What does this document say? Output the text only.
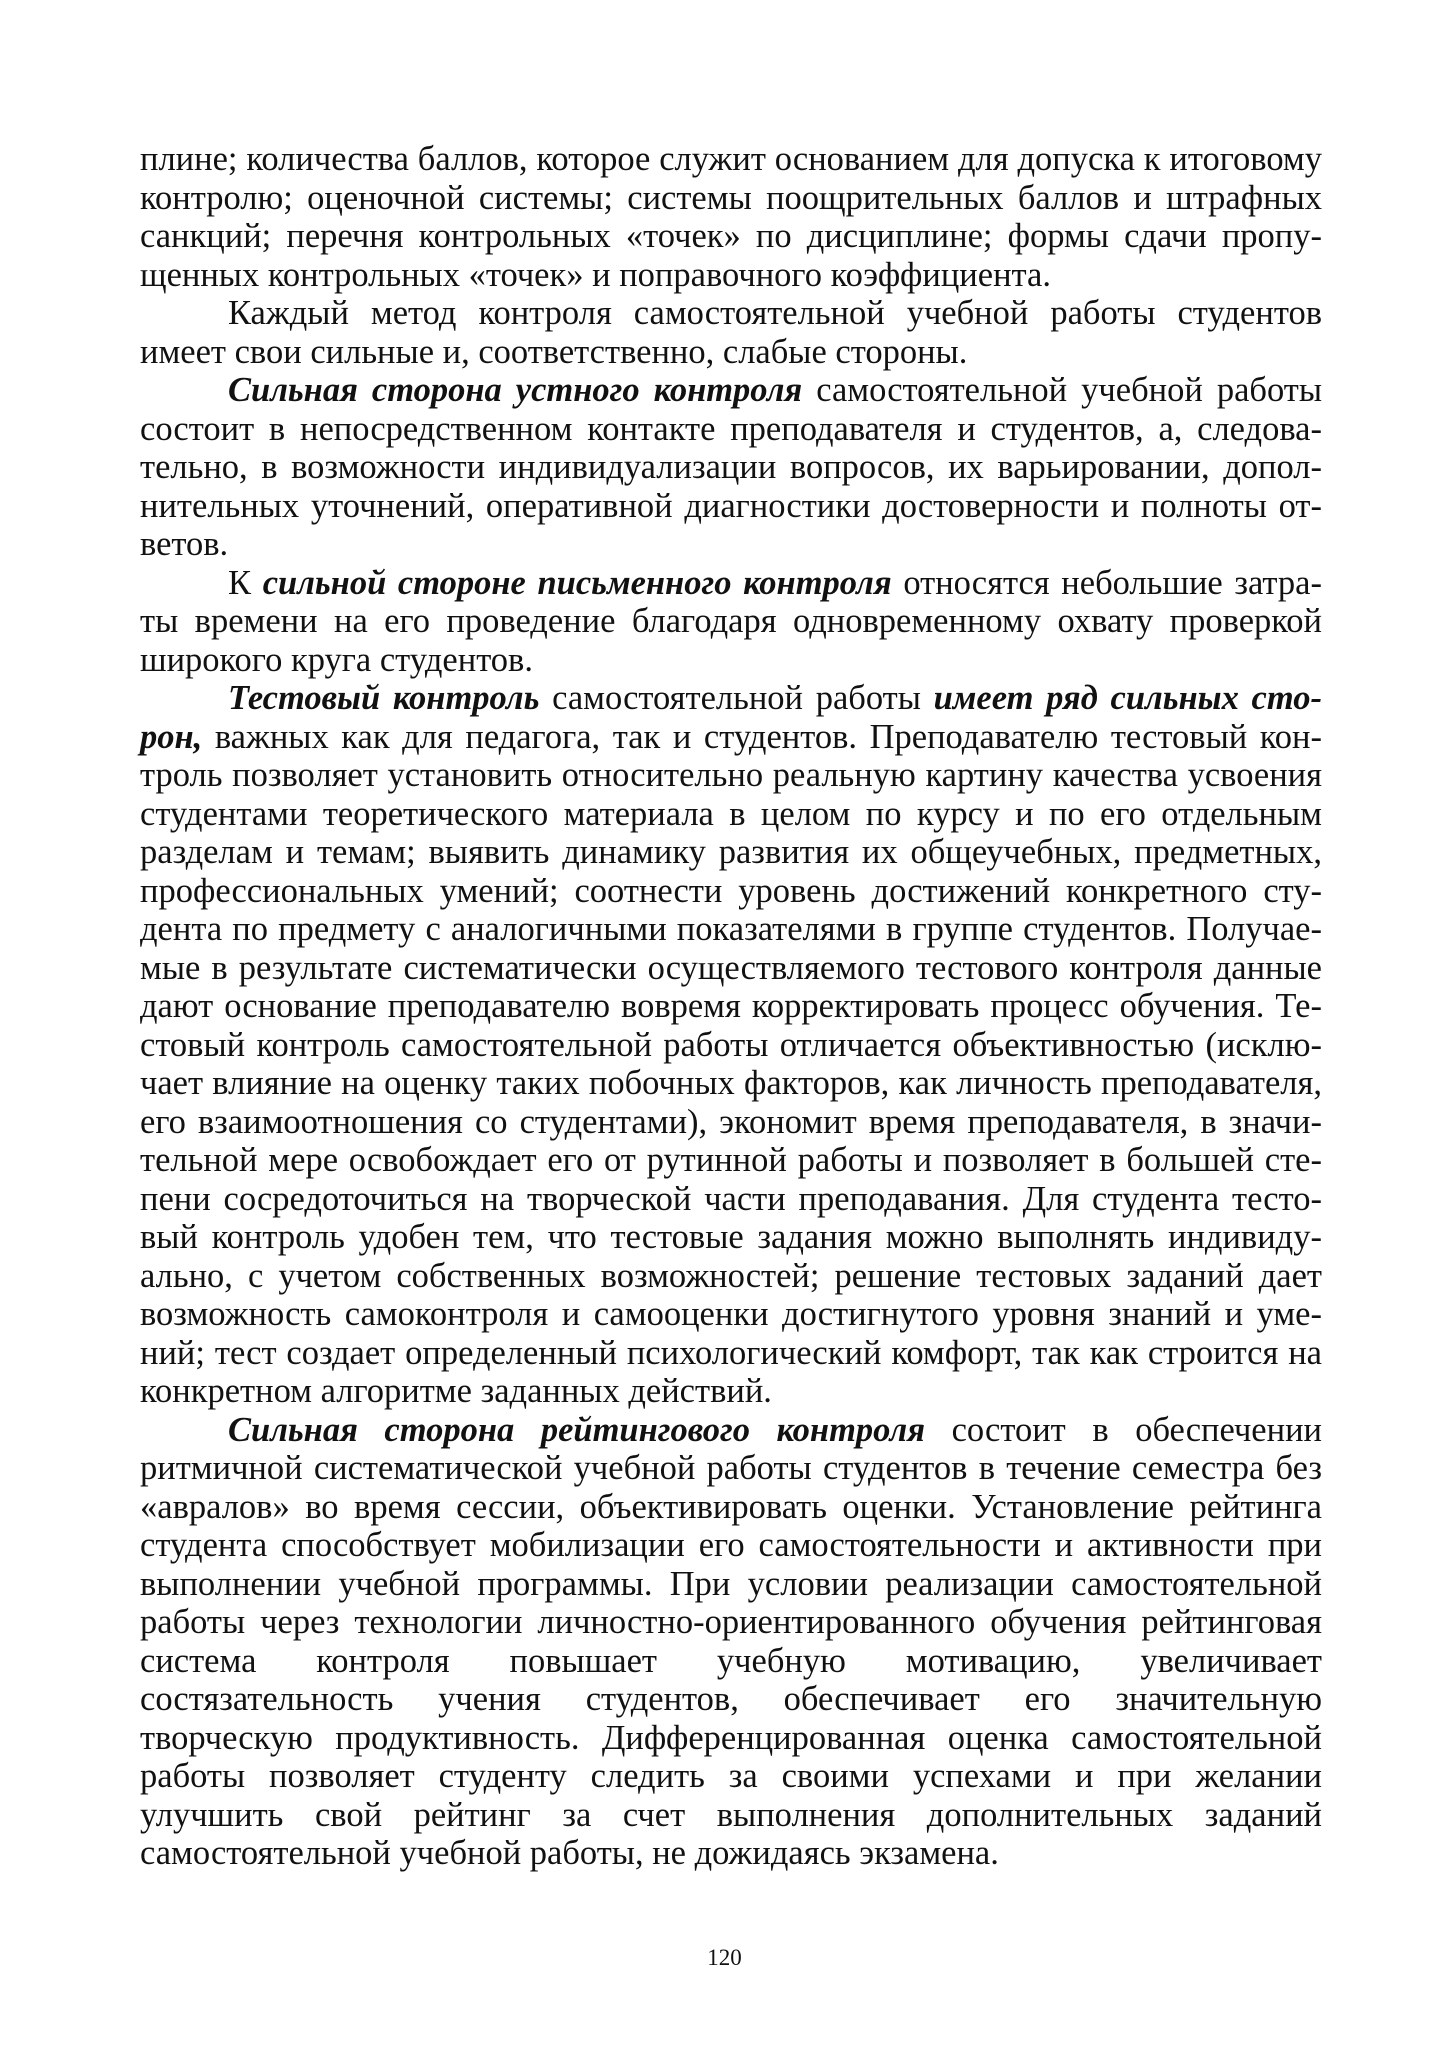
плине; количества баллов, которое служит основанием для допуска к итоговому контролю; оценочной системы; системы поощрительных баллов и штрафных санкций; перечня контрольных «точек» по дисциплине; формы сдачи пропущенных контрольных «точек» и поправочного коэффициента.

Каждый метод контроля самостоятельной учебной работы студентов имеет свои сильные и, соответственно, слабые стороны.

Сильная сторона устного контроля самостоятельной учебной работы состоит в непосредственном контакте преподавателя и студентов, а, следовательно, в возможности индивидуализации вопросов, их варьировании, дополнительных уточнений, оперативной диагностики достоверности и полноты ответов.

К сильной стороне письменного контроля относятся небольшие затраты времени на его проведение благодаря одновременному охвату проверкой широкого круга студентов.

Тестовый контроль самостоятельной работы имеет ряд сильных сторон, важных как для педагога, так и студентов. Преподавателю тестовый контроль позволяет установить относительно реальную картину качества усвоения студентами теоретического материала в целом по курсу и по его отдельным разделам и темам; выявить динамику развития их общеучебных, предметных, профессиональных умений; соотнести уровень достижений конкретного студента по предмету с аналогичными показателями в группе студентов. Получаемые в результате систематически осуществляемого тестового контроля данные дают основание преподавателю вовремя корректировать процесс обучения. Тестовый контроль самостоятельной работы отличается объективностью (исключает влияние на оценку таких побочных факторов, как личность преподавателя, его взаимоотношения со студентами), экономит время преподавателя, в значительной мере освобождает его от рутинной работы и позволяет в большей степени сосредоточиться на творческой части преподавания. Для студента тестовый контроль удобен тем, что тестовые задания можно выполнять индивидуально, с учетом собственных возможностей; решение тестовых заданий дает возможность самоконтроля и самооценки достигнутого уровня знаний и умений; тест создает определенный психологический комфорт, так как строится на конкретном алгоритме заданных действий.

Сильная сторона рейтингового контроля состоит в обеспечении ритмичной систематической учебной работы студентов в течение семестра без «авралов» во время сессии, объективировать оценки. Установление рейтинга студента способствует мобилизации его самостоятельности и активности при выполнении учебной программы. При условии реализации самостоятельной работы через технологии личностно-ориентированного обучения рейтинговая система контроля повышает учебную мотивацию, увеличивает состязательность учения студентов, обеспечивает его значительную творческую продуктивность. Дифференцированная оценка самостоятельной работы позволяет студенту следить за своими успехами и при желании улучшить свой рейтинг за счет выполнения дополнительных заданий самостоятельной учебной работы, не дожидаясь экзамена.

120
